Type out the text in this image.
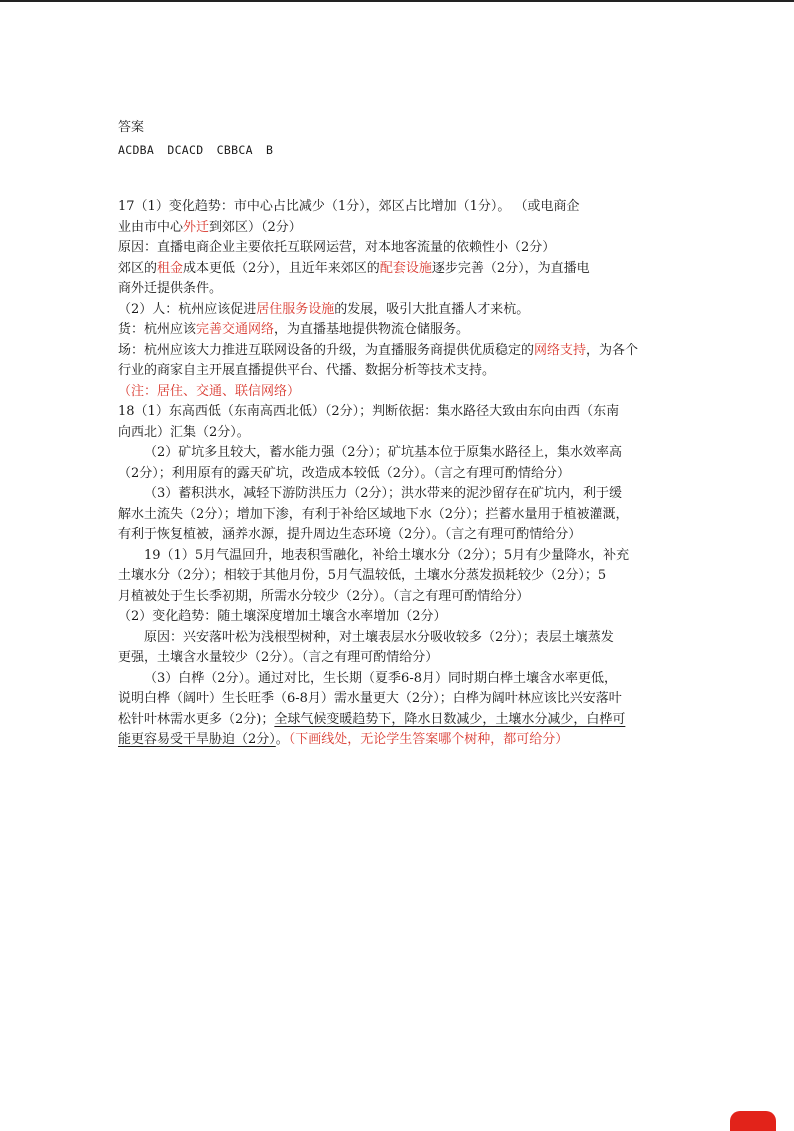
答案
ACDBA DCACD CBBCA B
17（1）变化趋势：市中心占比减少（1分），郊区占比增加（1分）。 （或电商企
业由市中心外迁到郊区）（2分）
原因：直播电商企业主要依托互联网运营，对本地客流量的依赖性小（2分）
郊区的租金成本更低（2分），且近年来郊区的配套设施逐步完善（2分），为直播电
商外迁提供条件。
（2）人：杭州应该促进居住服务设施的发展，吸引大批直播人才来杭。
货：杭州应该完善交通网络，为直播基地提供物流仓储服务。
场：杭州应该大力推进互联网设备的升级，为直播服务商提供优质稳定的网络支持，为各个
行业的商家自主开展直播提供平台、代播、数据分析等技术支持。
（注：居住、交通、联信网络）
18（1）东高西低（东南高西北低）（2分）；判断依据：集水路径大致由东向由西（东南
向西北）汇集（2分）。
（2）矿坑多且较大，蓄水能力强（2分）；矿坑基本位于原集水路径上，集水效率高
（2分）；利用原有的露天矿坑，改造成本较低（2分）。（言之有理可酌情给分）
（3）蓄积洪水，减轻下游防洪压力（2分）；洪水带来的泥沙留存在矿坑内，利于缓
解水土流失（2分）；增加下渗，有利于补给区域地下水（2分）；拦蓄水量用于植被灌溉，
有利于恢复植被，涵养水源，提升周边生态环境（2分）。（言之有理可酌情给分）
19（1）5月气温回升，地表积雪融化，补给土壤水分（2分）；5月有少量降水，补充
土壤水分（2分）；相较于其他月份，5月气温较低，土壤水分蒸发损耗较少（2分）；5
月植被处于生长季初期，所需水分较少（2分）。（言之有理可酌情给分）
（2）变化趋势：随土壤深度增加土壤含水率增加（2分）
原因：兴安落叶松为浅根型树种，对土壤表层水分吸收较多（2分）；表层土壤蒸发
更强，土壤含水量较少（2分）。（言之有理可酌情给分）
（3）白桦（2分）。通过对比，生长期（夏季6-8月）同时期白桦土壤含水率更低，
说明白桦（阔叶）生长旺季（6-8月）需水量更大（2分）；白桦为阔叶林应该比兴安落叶
松针叶林需水更多（2分)；全球气候变暖趋势下，降水日数减少，土壤水分减少，白桦可
能更容易受干旱胁迫（2分）。（下画线处，无论学生答案哪个树种，都可给分）
